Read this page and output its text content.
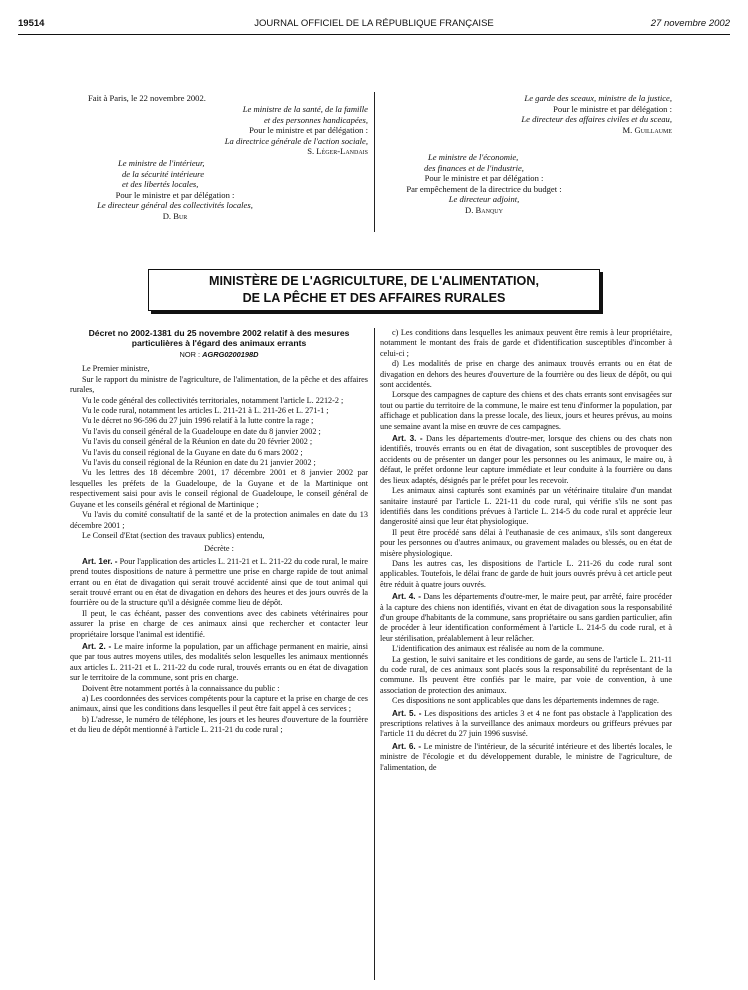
19514	JOURNAL OFFICIEL DE LA RÉPUBLIQUE FRANÇAISE	27 novembre 2002
Fait à Paris, le 22 novembre 2002.
Le ministre de la santé, de la famille
et des personnes handicapées,
Pour le ministre et par délégation :
La directrice générale de l'action sociale,
S. Léger-Landais
Le ministre de l'intérieur,
de la sécurité intérieure
et des libertés locales,
Pour le ministre et par délégation :
Le directeur général des collectivités locales,
D. Bur
Le garde des sceaux, ministre de la justice,
Pour le ministre et par délégation :
Le directeur des affaires civiles et du sceau,
M. Guillaume
Le ministre de l'économie,
des finances et de l'industrie,
Pour le ministre et par délégation :
Par empêchement de la directrice du budget :
Le directeur adjoint,
D. Banquy
MINISTÈRE DE L'AGRICULTURE, DE L'ALIMENTATION,
DE LA PÊCHE ET DES AFFAIRES RURALES
Décret no 2002-1381 du 25 novembre 2002 relatif à des mesures particulières à l'égard des animaux errants
NOR : AGRG0200198D

Le Premier ministre,

Sur le rapport du ministre de l'agriculture, de l'alimentation, de la pêche et des affaires rurales,

Vu le code général des collectivités territoriales, notamment l'article L. 2212-2 ;

Vu le code rural, notamment les articles L. 211-21 à L. 211-26 et L. 271-1 ;

Vu le décret no 96-596 du 27 juin 1996 relatif à la lutte contre la rage ;

Vu l'avis du conseil général de la Guadeloupe en date du 8 janvier 2002 ;

Vu l'avis du conseil général de la Réunion en date du 20 février 2002 ;

Vu l'avis du conseil régional de la Guyane en date du 6 mars 2002 ;

Vu l'avis du conseil régional de la Réunion en date du 21 janvier 2002 ;

Vu les lettres des 18 décembre 2001, 17 décembre 2001 et 8 janvier 2002 par lesquelles les préfets de la Guadeloupe, de la Guyane et de la Martinique ont respectivement saisi pour avis le conseil régional de Guadeloupe, le conseil général de Guyane et les conseils général et régional de Martinique ;

Vu l'avis du comité consultatif de la santé et de la protection animales en date du 13 décembre 2001 ;

Le Conseil d'Etat (section des travaux publics) entendu,

Décrète :

Art. 1er. - Pour l'application des articles L. 211-21 et L. 211-22 du code rural, le maire prend toutes dispositions de nature à permettre une prise en charge rapide de tout animal errant ou en état de divagation qui serait trouvé accidenté ainsi que de tout animal qui serait trouvé errant ou en état de divagation en dehors des heures et des jours ouvrés de la fourrière ou de la structure qu'il a désignée comme lieu de dépôt.

Il peut, le cas échéant, passer des conventions avec des cabinets vétérinaires pour assurer la prise en charge de ces animaux ainsi que rechercher et contacter leur propriétaire lorsque l'animal est identifié.

Art. 2. - Le maire informe la population, par un affichage permanent en mairie, ainsi que par tous autres moyens utiles, des modalités selon lesquelles les animaux mentionnés aux articles L. 211-21 et L. 211-22 du code rural, trouvés errants ou en état de divagation sur le territoire de la commune, sont pris en charge.

Doivent être notamment portés à la connaissance du public :

a) Les coordonnées des services compétents pour la capture et la prise en charge de ces animaux, ainsi que les conditions dans lesquelles il peut être fait appel à ces services ;

b) L'adresse, le numéro de téléphone, les jours et les heures d'ouverture de la fourrière et du lieu de dépôt mentionné à l'article L. 211-21 du code rural ;

c) Les conditions dans lesquelles les animaux peuvent être remis à leur propriétaire, notamment le montant des frais de garde et d'identification susceptibles d'incomber à celui-ci ;

d) Les modalités de prise en charge des animaux trouvés errants ou en état de divagation en dehors des heures d'ouverture de la fourrière ou des lieux de dépôt, ou qui sont accidentés.

Lorsque des campagnes de capture des chiens et des chats errants sont envisagées sur tout ou partie du territoire de la commune, le maire est tenu d'informer la population, par affichage et publication dans la presse locale, des lieux, jours et heures prévus, au moins une semaine avant la mise en œuvre de ces campagnes.

Art. 3. - Dans les départements d'outre-mer, lorsque des chiens ou des chats non identifiés, trouvés errants ou en état de divagation, sont susceptibles de provoquer des accidents ou de présenter un danger pour les personnes ou les animaux, le maire ou, à défaut, le préfet ordonne leur capture immédiate et leur conduite à la fourrière ou dans des lieux adaptés, désignés par le préfet pour les recevoir.

Les animaux ainsi capturés sont examinés par un vétérinaire titulaire d'un mandat sanitaire instauré par l'article L. 221-11 du code rural, qui vérifie s'ils ne sont pas identifiés dans les conditions prévues à l'article L. 214-5 du code rural et apprécie leur dangerosité ainsi que leur état physiologique.

Il peut être procédé sans délai à l'euthanasie de ces animaux, s'ils sont dangereux pour les personnes ou d'autres animaux, ou gravement malades ou blessés, ou en état de misère physiologique.

Dans les autres cas, les dispositions de l'article L. 211-26 du code rural sont applicables. Toutefois, le délai franc de garde de huit jours ouvrés prévu à cet article peut être réduit à quatre jours ouvrés.

Art. 4. - Dans les départements d'outre-mer, le maire peut, par arrêté, faire procéder à la capture des chiens non identifiés, vivant en état de divagation sous la responsabilité d'un groupe d'habitants de la commune, sans propriétaire ou sans gardien particulier, afin de procéder à leur identification conformément à l'article L. 214-5 du code rural, et à leur stérilisation, préalablement à leur relâcher.

L'identification des animaux est réalisée au nom de la commune.

La gestion, le suivi sanitaire et les conditions de garde, au sens de l'article L. 211-11 du code rural, de ces animaux sont placés sous la responsabilité du représentant de la commune. Ils peuvent être confiés par le maire, par voie de convention, à une association de protection des animaux.

Ces dispositions ne sont applicables que dans les départements indemnes de rage.

Art. 5. - Les dispositions des articles 3 et 4 ne font pas obstacle à l'application des prescriptions relatives à la surveillance des animaux mordeurs ou griffeurs prévues par l'article 11 du décret du 27 juin 1996 susvisé.

Art. 6. - Le ministre de l'intérieur, de la sécurité intérieure et des libertés locales, le ministre de l'écologie et du développement durable, le ministre de l'agriculture, de l'alimentation, de
